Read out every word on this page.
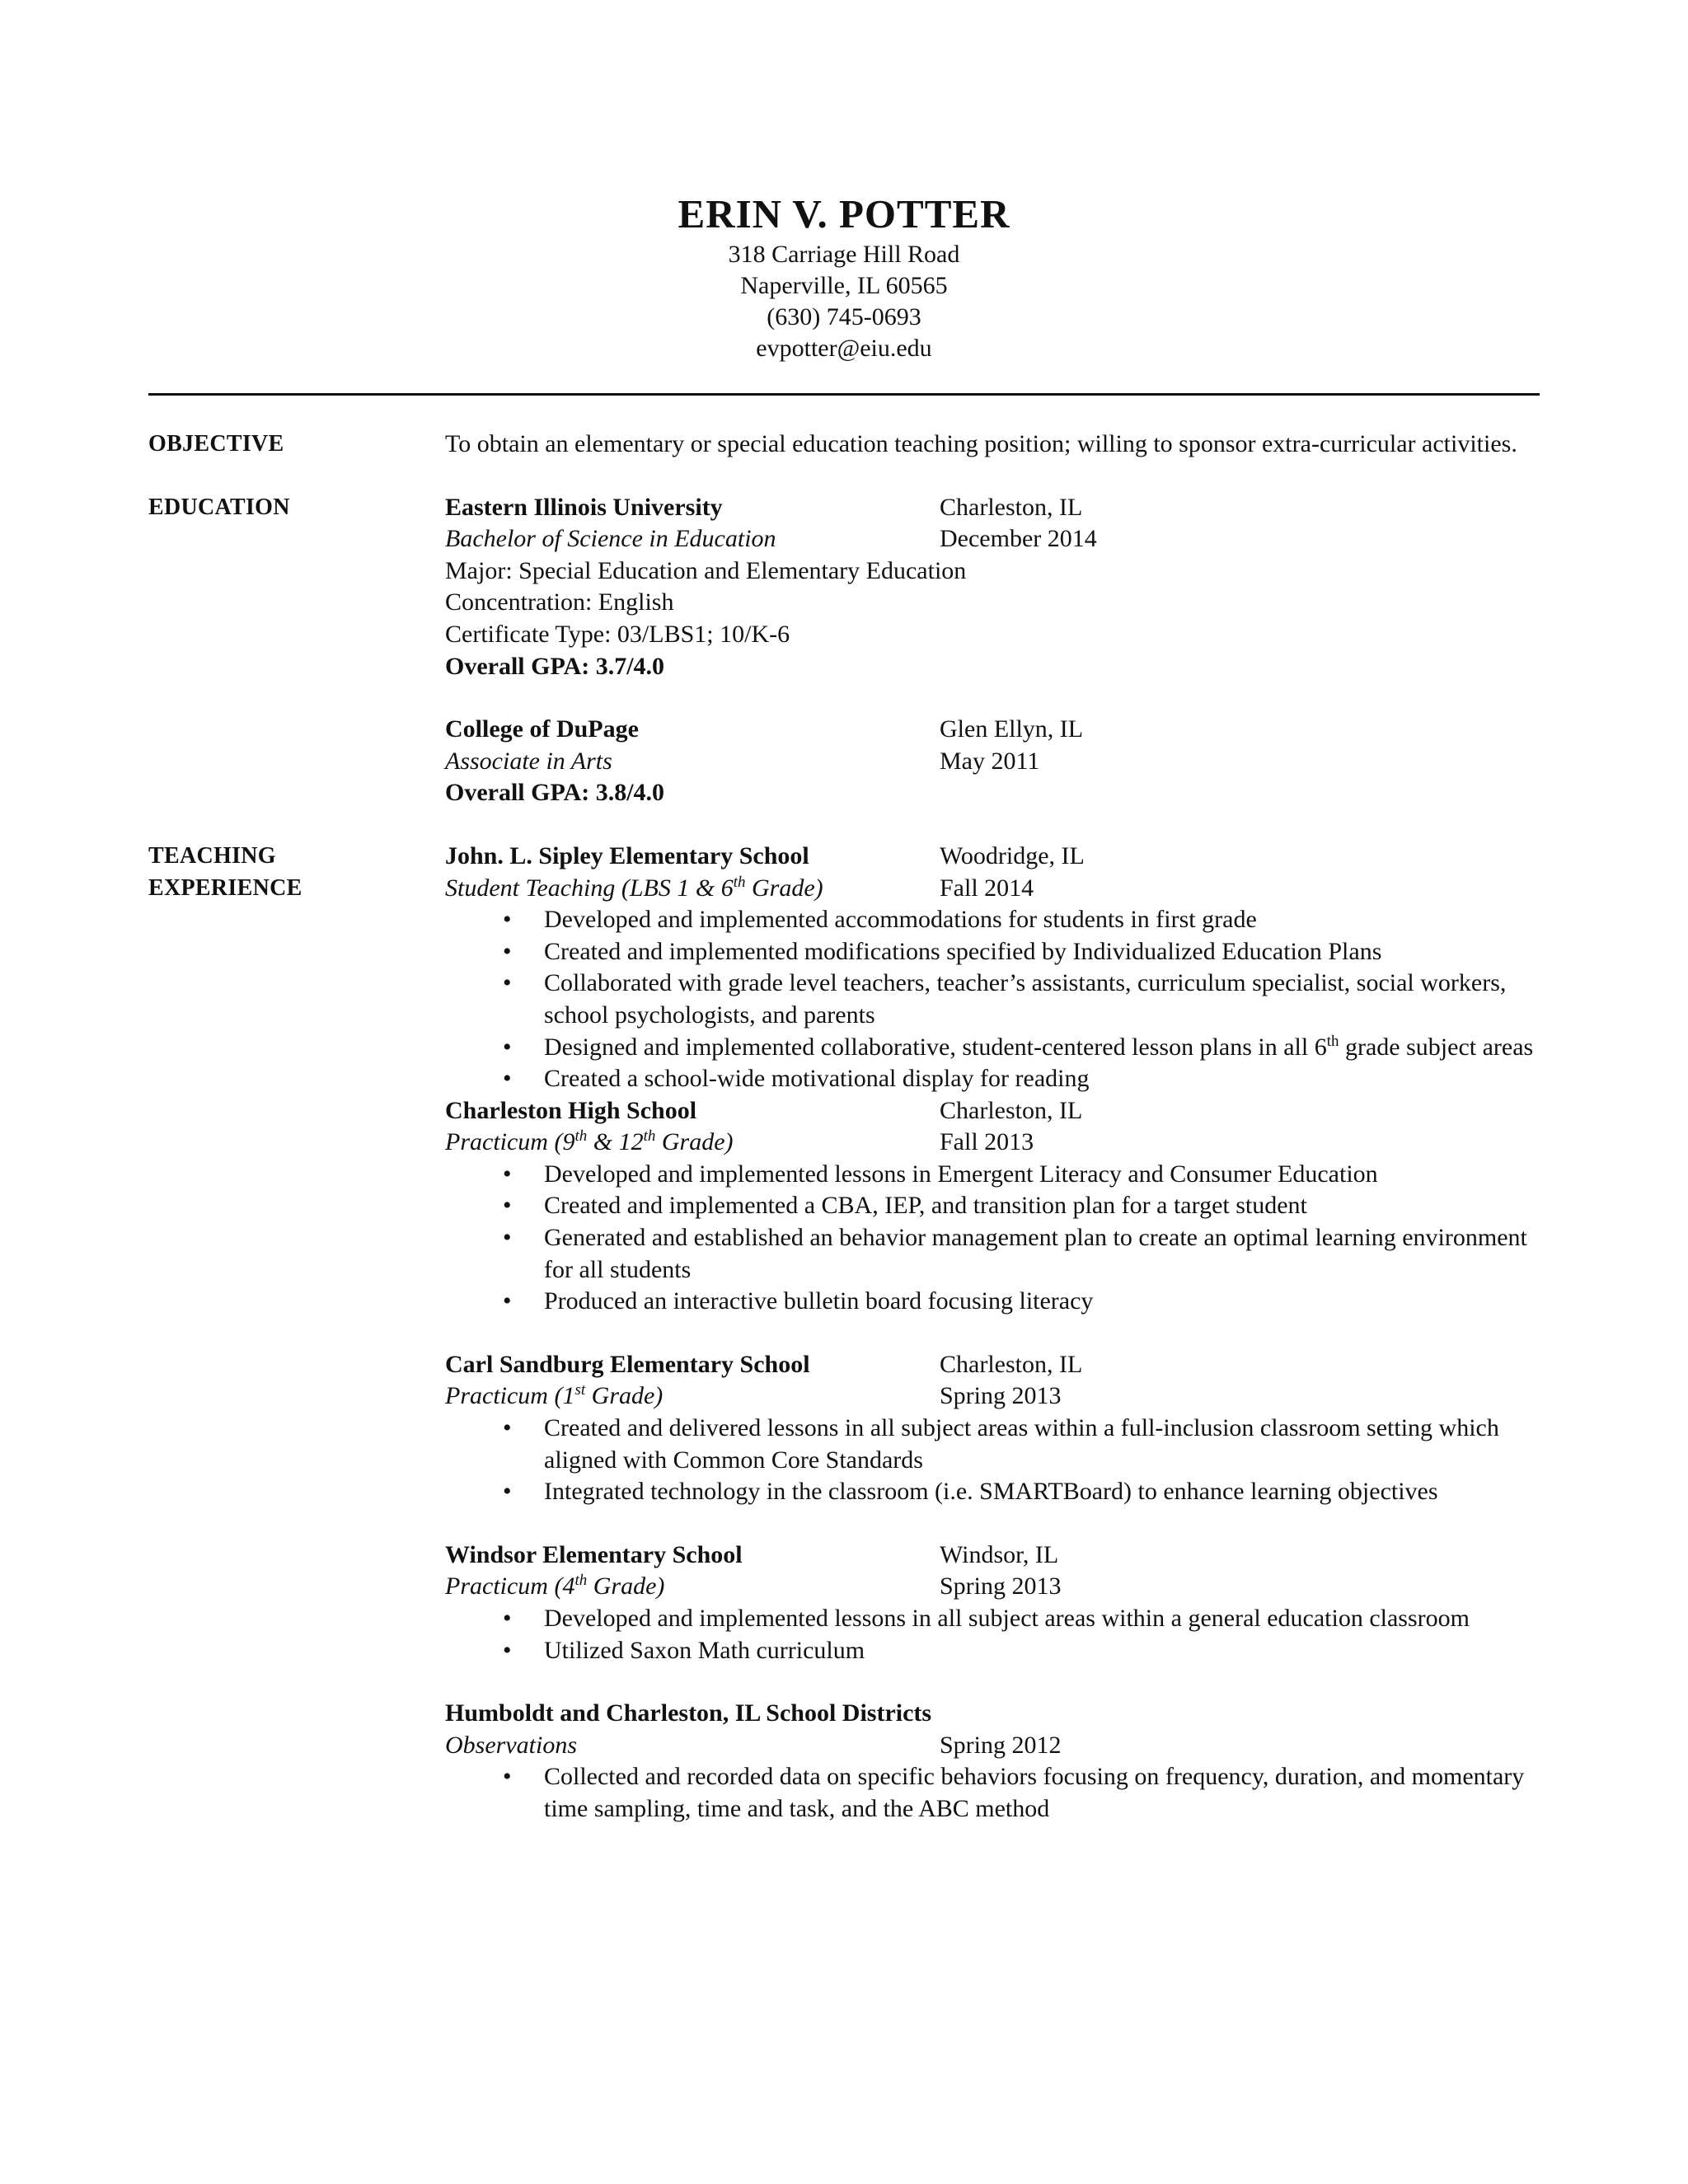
ERIN V. POTTER
318 Carriage Hill Road
Naperville, IL 60565
(630) 745-0693
evpotter@eiu.edu
OBJECTIVE	To obtain an elementary or special education teaching position; willing to sponsor extra-curricular activities.
EDUCATION	Eastern Illinois University	Charleston, IL
Bachelor of Science in Education	December 2014
Major: Special Education and Elementary Education
Concentration: English
Certificate Type: 03/LBS1; 10/K-6
Overall GPA: 3.7/4.0
College of DuPage	Glen Ellyn, IL
Associate in Arts	May 2011
Overall GPA: 3.8/4.0
TEACHING
EXPERIENCE
John. L. Sipley Elementary School	Woodridge, IL
Student Teaching (LBS 1 & 6th Grade)	Fall 2014
• Developed and implemented accommodations for students in first grade
• Created and implemented modifications specified by Individualized Education Plans
• Collaborated with grade level teachers, teacher’s assistants, curriculum specialist, social workers, school psychologists, and parents
• Designed and implemented collaborative, student-centered lesson plans in all 6th grade subject areas
• Created a school-wide motivational display for reading
Charleston High School	Charleston, IL
Practicum (9th & 12th Grade)	Fall 2013
• Developed and implemented lessons in Emergent Literacy and Consumer Education
• Created and implemented a CBA, IEP, and transition plan for a target student
• Generated and established an behavior management plan to create an optimal learning environment for all students
• Produced an interactive bulletin board focusing literacy
Carl Sandburg Elementary School	Charleston, IL
Practicum (1st Grade)	Spring 2013
• Created and delivered lessons in all subject areas within a full-inclusion classroom setting which aligned with Common Core Standards
• Integrated technology in the classroom (i.e. SMARTBoard) to enhance learning objectives
Windsor Elementary School	Windsor, IL
Practicum (4th Grade)	Spring 2013
• Developed and implemented lessons in all subject areas within a general education classroom
• Utilized Saxon Math curriculum
Humboldt and Charleston, IL School Districts
Observations	Spring 2012
• Collected and recorded data on specific behaviors focusing on frequency, duration, and momentary time sampling, time and task, and the ABC method
